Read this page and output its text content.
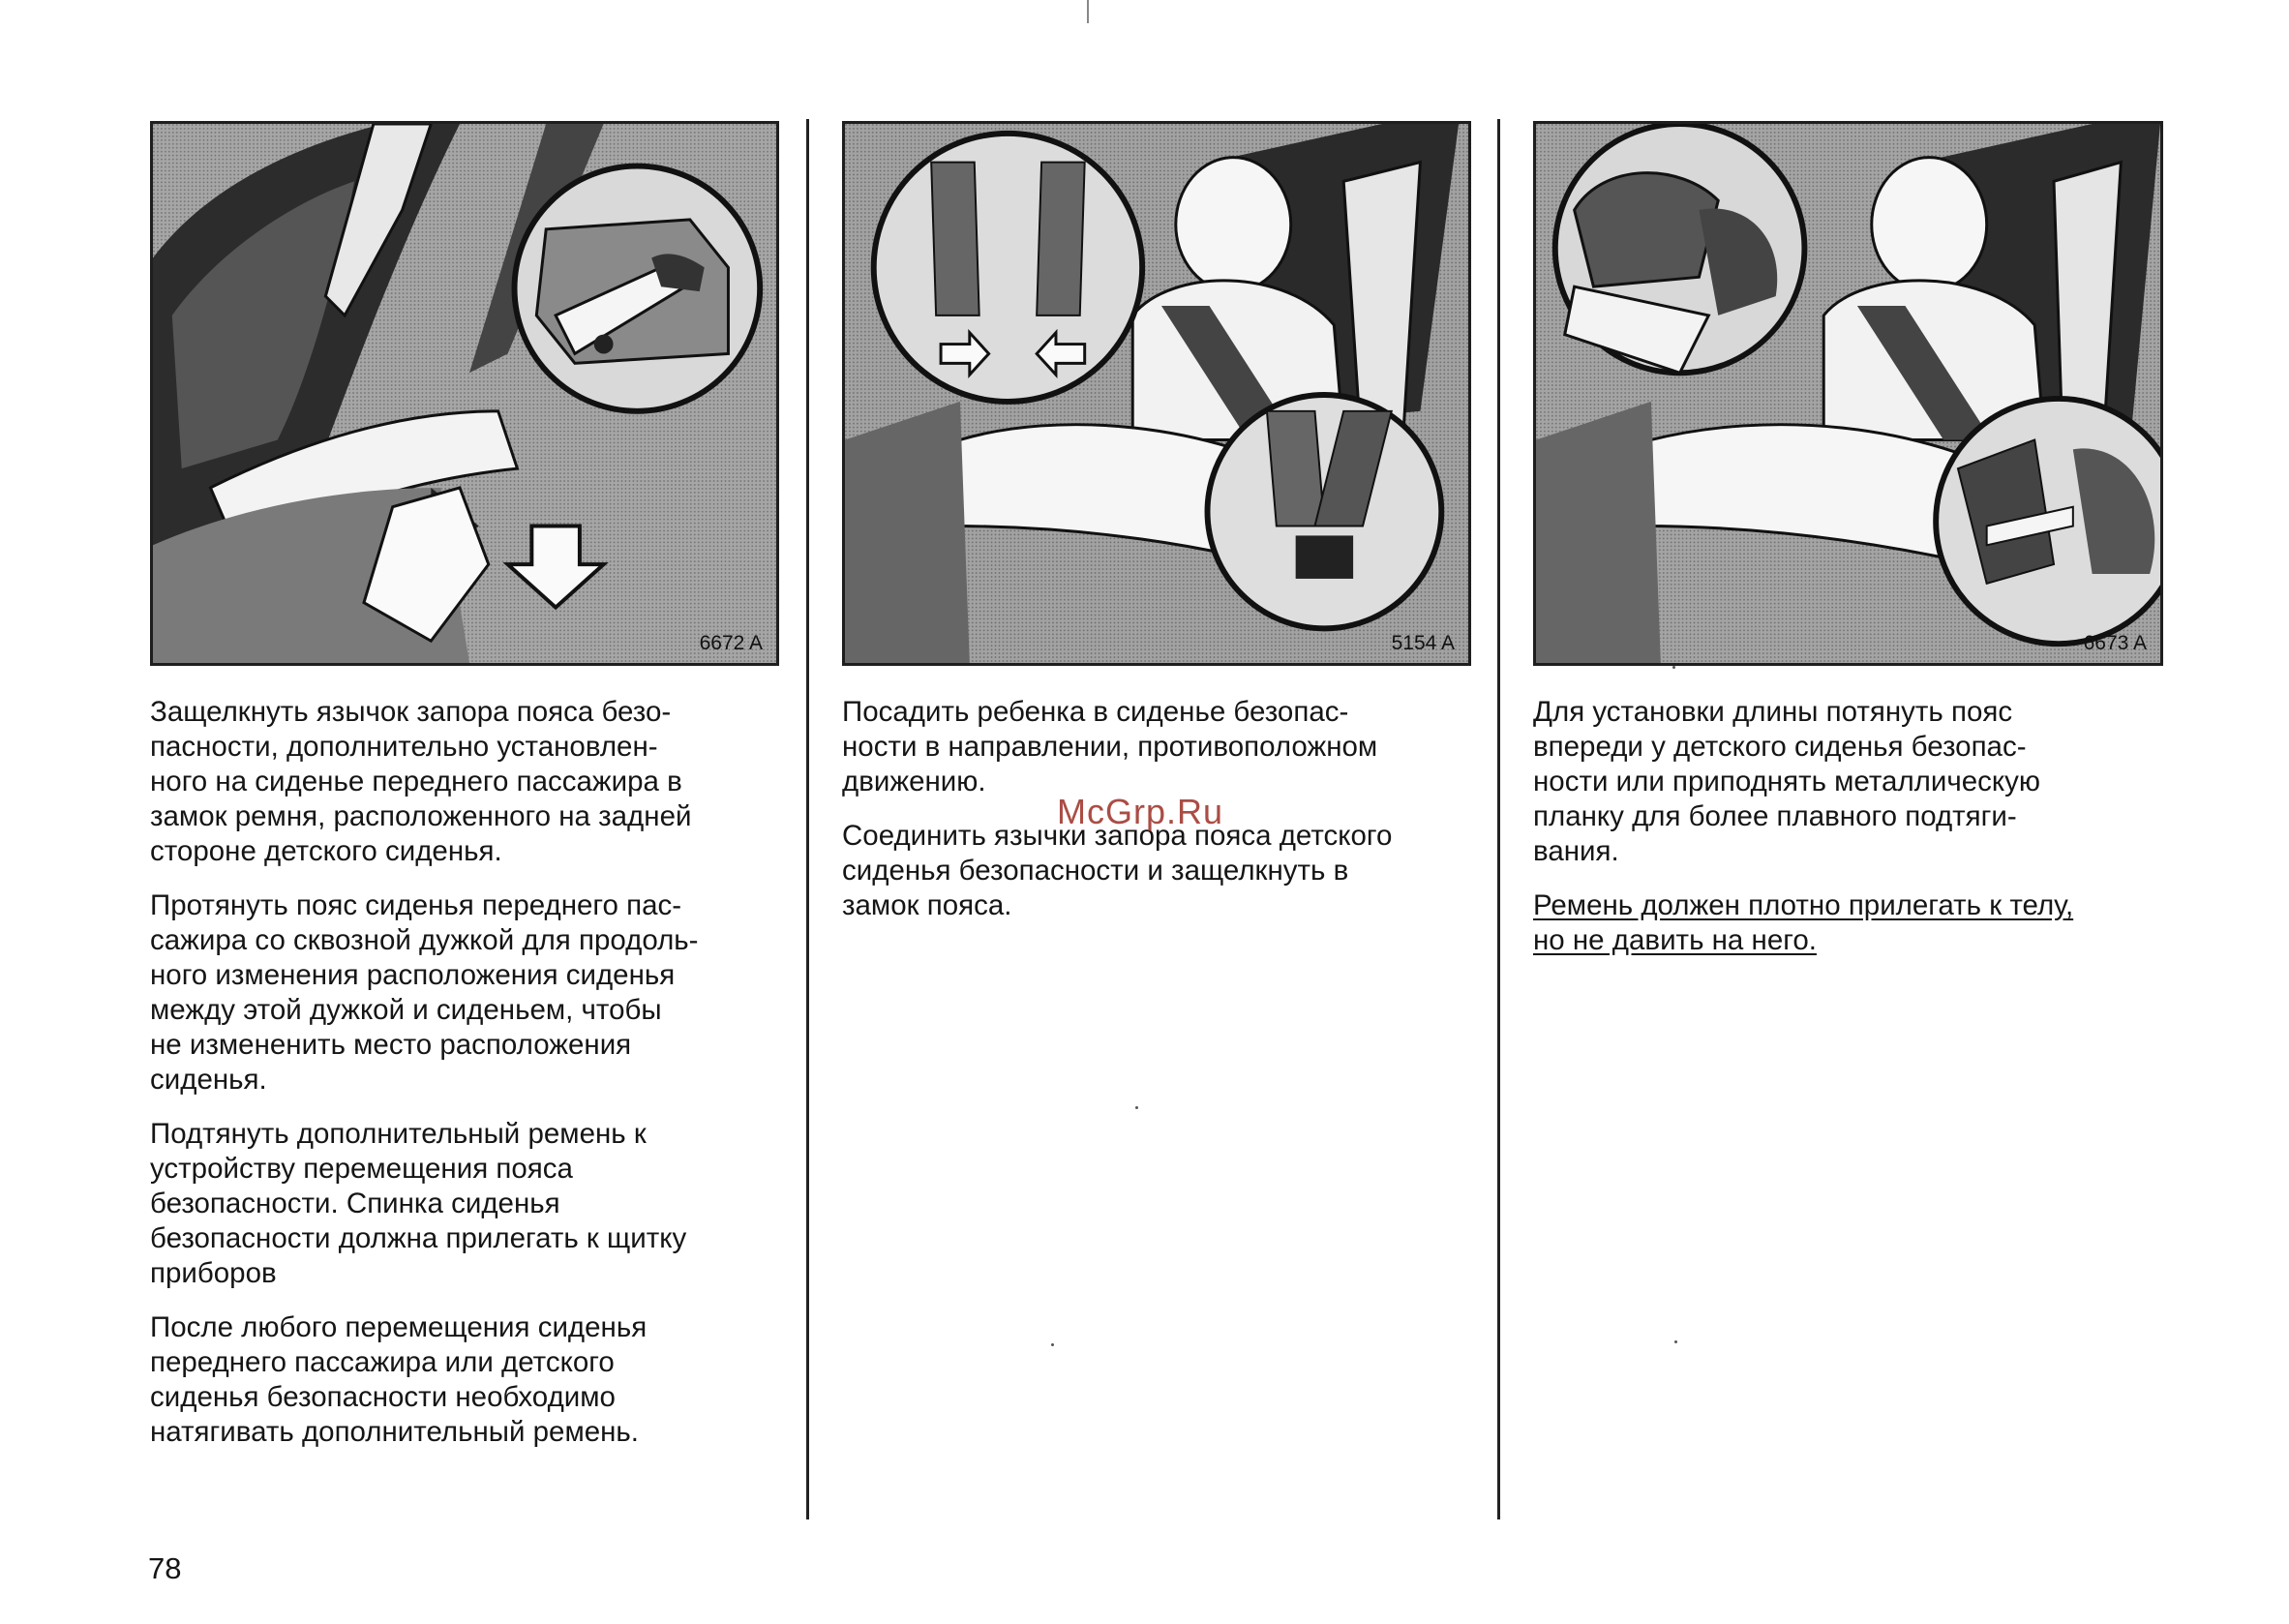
6672 A	5154 A	6673 A

Защелкнуть язычок запора пояса безо-
пасности, дополнительно установлен-
ного на сиденье переднего пассажира в
замок ремня, расположенного на задней
стороне детского сиденья.

Протянуть пояс сиденья переднего пас-
сажира со сквозной дужкой для продоль-
ного изменения расположения сиденья
между этой дужкой и сиденьем, чтобы
не измененить место расположения
сиденья.

Подтянуть дополнительный ремень к
устройству перемещения пояса
безопасности. Спинка сиденья
безопасности должна прилегать к щитку
приборов

После любого перемещения сиденья
переднего пассажира или детского
сиденья безопасности необходимо
натягивать дополнительный ремень.

Посадить ребенка в сиденье безопас-
ности в направлении, противоположном
движению.

Соединить язычки запора пояса детского
сиденья безопасности и защелкнуть в
замок пояса.

Для установки длины потянуть пояс
впереди у детского сиденья безопас-
ности или приподнять металлическую
планку для более плавного подтяги-
вания.

Ремень должен плотно прилегать к телу,
но не давить на него.

McGrp.Ru
78
